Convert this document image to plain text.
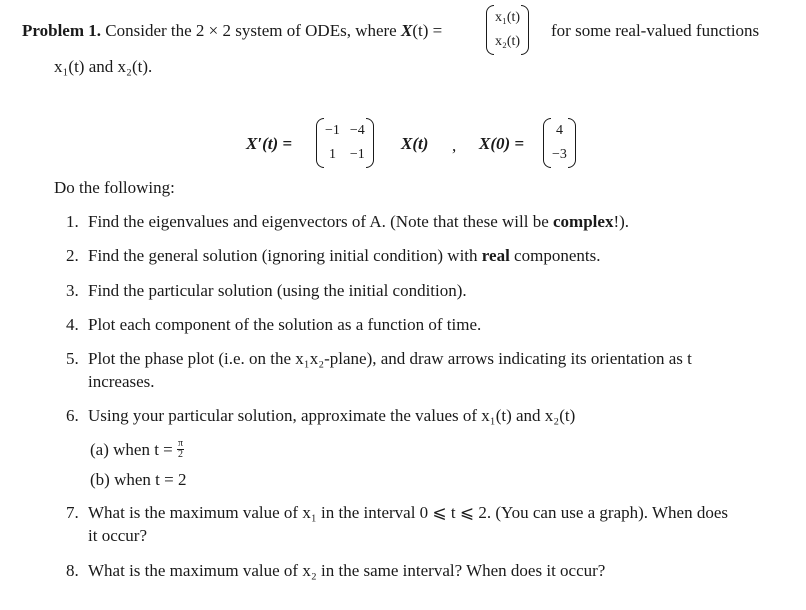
Problem 1. Consider the 2 × 2 system of ODEs, where X(t) =
x₁(t)
x₂(t)
for some real-valued functions
x₁(t) and x₂(t).
X′(t) =
−1 −4
1 −1
X(t) , X(0) =
4
−3
Do the following:
1. Find the eigenvalues and eigenvectors of A. (Note that these will be complex!).
2. Find the general solution (ignoring initial condition) with real components.
3. Find the particular solution (using the initial condition).
4. Plot each component of the solution as a function of time.
5. Plot the phase plot (i.e. on the x₁x₂-plane), and draw arrows indicating its orientation as t
increases.
6. Using your particular solution, approximate the values of x₁(t) and x₂(t)
(a) when $t = \frac{\pi}{2}$
(b) when t = 2
7. What is the maximum value of x₁ in the interval 0 ⩽ t ⩽ 2. (You can use a graph). When does
it occur?
8. What is the maximum value of x₂ in the same interval? When does it occur?
